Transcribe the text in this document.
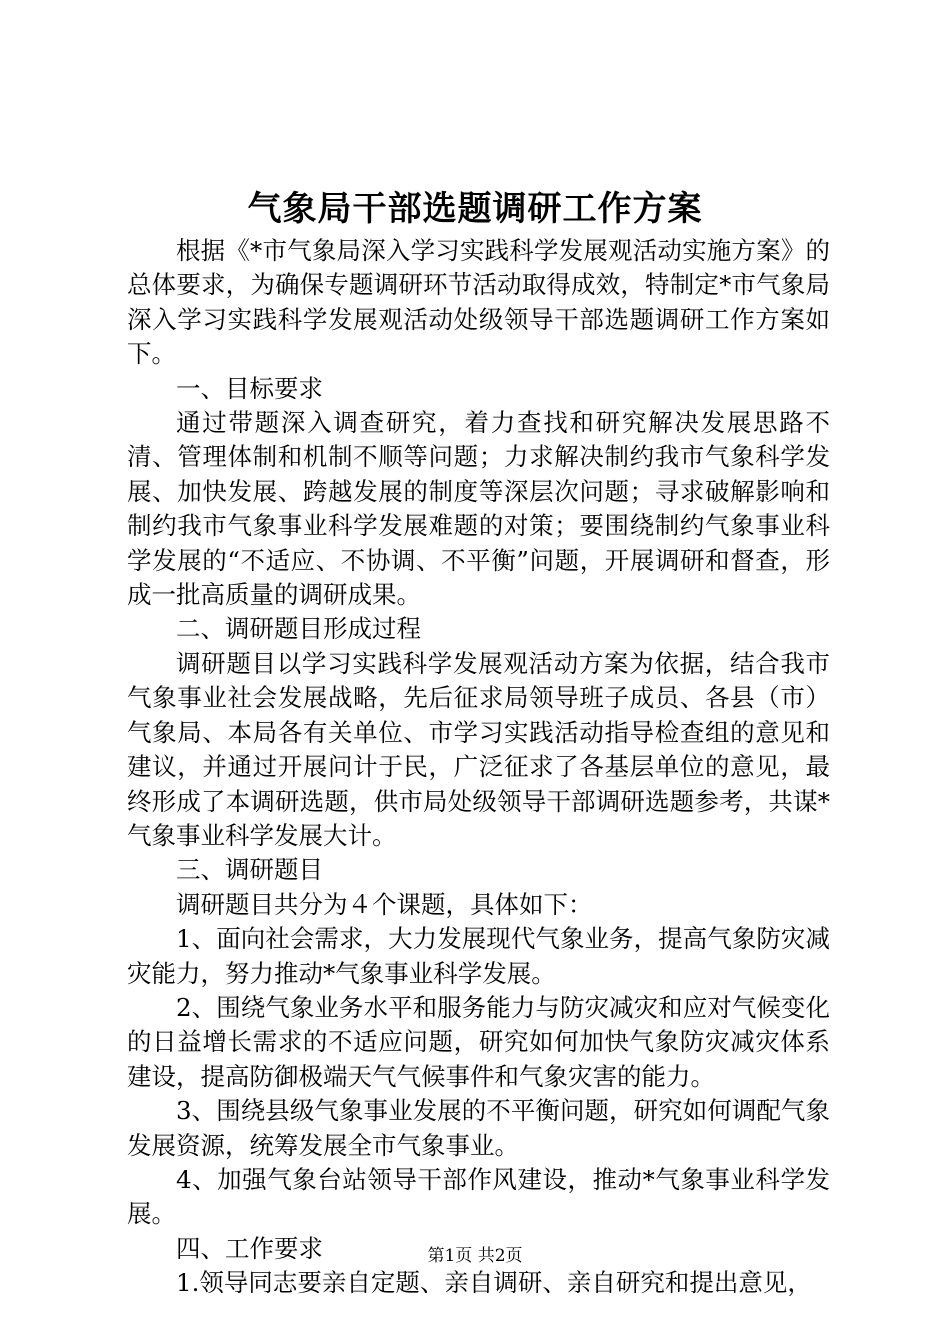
气象局干部选题调研工作方案

根据《*市气象局深入学习实践科学发展观活动实施方案》的总体要求，为确保专题调研环节活动取得成效，特制定*市气象局深入学习实践科学发展观活动处级领导干部选题调研工作方案如下。

一、目标要求

通过带题深入调查研究，着力查找和研究解决发展思路不清、管理体制和机制不顺等问题；力求解决制约我市气象科学发展、加快发展、跨越发展的制度等深层次问题；寻求破解影响和制约我市气象事业科学发展难题的对策；要围绕制约气象事业科学发展的“不适应、不协调、不平衡”问题，开展调研和督查，形成一批高质量的调研成果。

二、调研题目形成过程

调研题目以学习实践科学发展观活动方案为依据，结合我市气象事业社会发展战略，先后征求局领导班子成员、各县（市）气象局、本局各有关单位、市学习实践活动指导检查组的意见和建议，并通过开展问计于民，广泛征求了各基层单位的意见，最终形成了本调研选题，供市局处级领导干部调研选题参考，共谋*气象事业科学发展大计。

三、调研题目

调研题目共分为４个课题，具体如下：

1、面向社会需求，大力发展现代气象业务，提高气象防灾减灾能力，努力推动*气象事业科学发展。

2、围绕气象业务水平和服务能力与防灾减灾和应对气候变化的日益增长需求的不适应问题，研究如何加快气象防灾减灾体系建设，提高防御极端天气气候事件和气象灾害的能力。

3、围绕县级气象事业发展的不平衡问题，研究如何调配气象发展资源，统筹发展全市气象事业。

4、加强气象台站领导干部作风建设，推动*气象事业科学发展。

四、工作要求

1.领导同志要亲自定题、亲自调研、亲自研究和提出意见，

第1页 共2页
